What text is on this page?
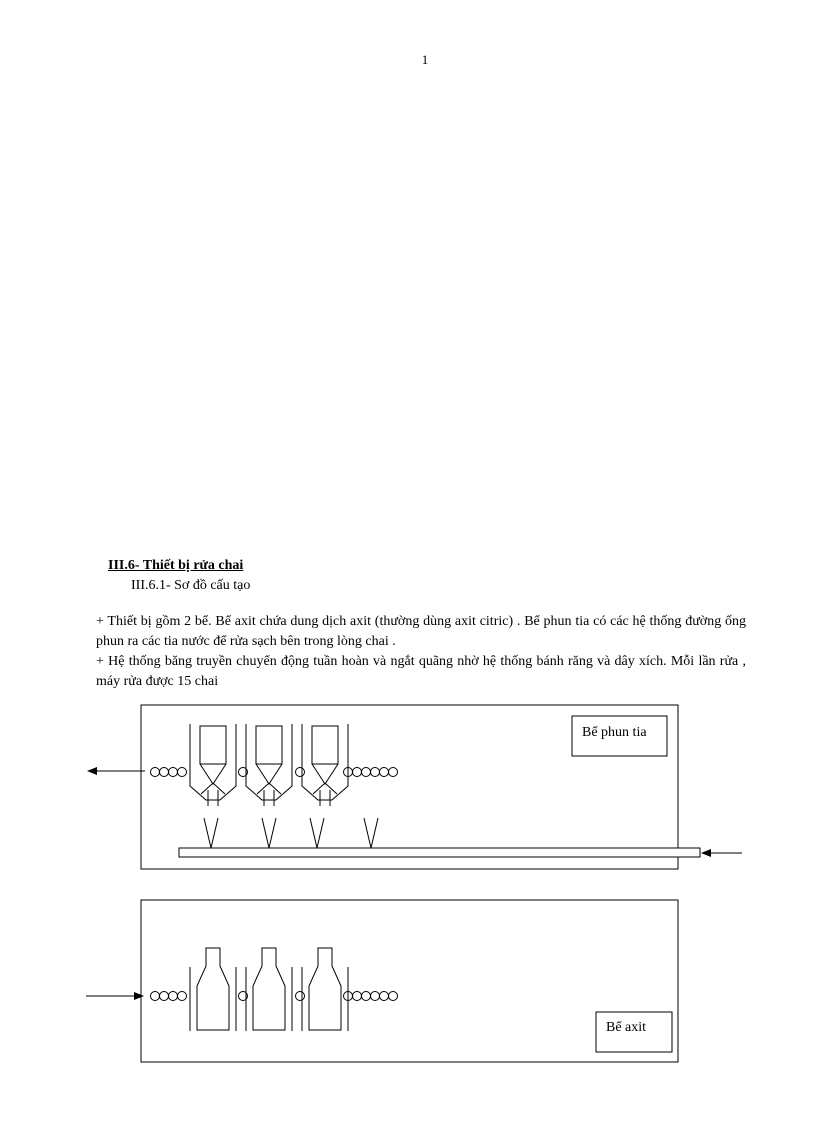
1
III.6- Thiết bị rửa chai
III.6.1- Sơ đồ cấu tạo
+ Thiết bị gồm 2 bể. Bể axit chứa dung dịch axit (thường dùng axit citric) . Bể phun tia có các hệ thống đường ống phun ra các tia nước để rửa sạch bên trong lòng chai .
+ Hệ thống băng truyền chuyển động tuần hoàn và ngắt quãng nhờ hệ thống bánh răng và dây xích. Mỗi lần rửa , máy rửa được 15 chai
Bể phun tia
Bể axit
